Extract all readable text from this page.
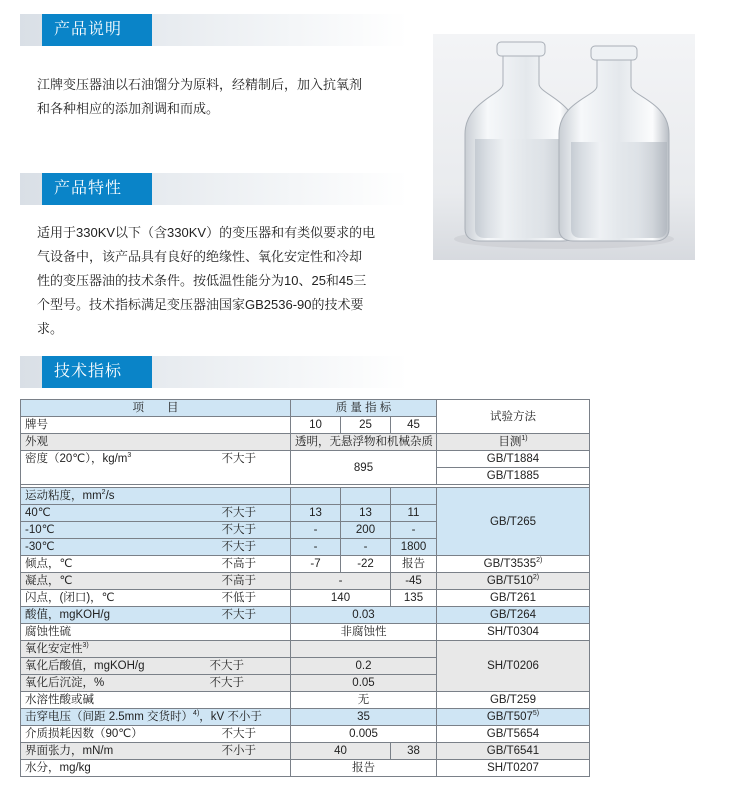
产品说明
江牌变压器油以石油馏分为原料，经精制后，加入抗氧剂
和各种相应的添加剂调和而成。
产品特性
适用于330KV以下（含330KV）的变压器和有类似要求的电
气设备中，该产品具有良好的绝缘性、氧化安定性和冷却
性的变压器油的技术条件。按低温性能分为10、25和45三
个型号。技术指标满足变压器油国家GB2536-90的技术要
求。
技术指标
项　　目	质 量 指 标			试验方法
牌号	10	25	45	
外观	透明，无悬浮物和机械杂质			目测$^{1)}$
密度（20℃），$kg/m^3$ 不大于	895			GB/T1884
				GB/T1885

运动粘度，$mm^2/s$				GB/T265
40℃ 不大于	13	13	11	
-10℃ 不大于	-	200	-	
-30℃ 不大于	-	-	1800	
倾点，℃ 不高于	-7	-22	报告	GB/T3535$^{2)}$
凝点，℃ 不高于	-		-45	GB/T510$^{2)}$
闪点，(闭口)，℃ 不低于	140		135	GB/T261
酸值，mgKOH/g 不大于	0.03			GB/T264
腐蚀性硫	非腐蚀性			SH/T0304
氧化安定性$^{3)}$				SH/T0206
氧化后酸值，mgKOH/g 不大于	0.2			
氧化后沉淀，% 不大于	0.05			
水溶性酸或碱	无			GB/T259
击穿电压（间距 2.5mm 交货时）$^{4)}$，kV 不小于	35			GB/T507$^{5)}$
介质损耗因数（90℃） 不大于	0.005			GB/T5654
界面张力，mN/m 不小于	40		38	GB/T6541
水分，mg/kg	报告			SH/T0207
